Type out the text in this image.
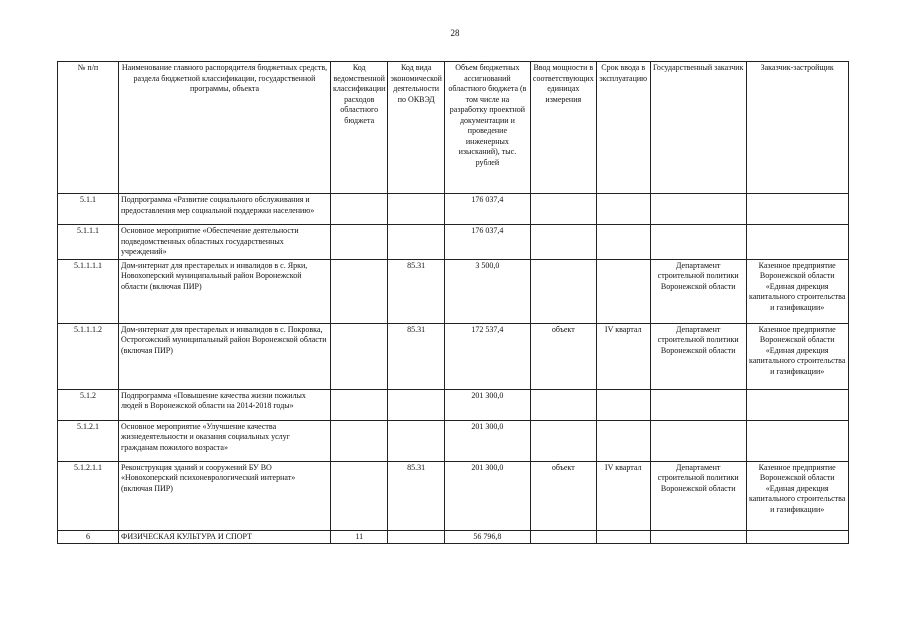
28
№ п/п	Наименование главного распорядителя бюджетных средств, раздела бюджетной классификации, государственной программы, объекта	Код ведомственной классификации расходов областного бюджета	Код вида экономической деятельности по ОКВЭД	Объем бюджетных ассигнований областного бюджета (в том числе на разработку проектной документации и проведение инженерных изысканий), тыс. рублей	Ввод мощности в соответствующих единицах измерения	Срок ввода в эксплуатацию	Государственный заказчик	Заказчик-застройщик
5.1.1	Подпрограмма «Развитие социального обслуживания и предоставления мер социальной поддержки населению»			176 037,4				
5.1.1.1	Основное мероприятие «Обеспечение деятельности подведомственных областных государственных учреждений»			176 037,4				
5.1.1.1.1	Дом-интернат для престарелых и инвалидов в с. Ярки, Новохоперский муниципальный район Воронежской области (включая ПИР)		85.31	3 500,0			Департамент строительной политики Воронежской области	Казенное предприятие Воронежской области «Единая дирекция капитального строительства и газификации»
5.1.1.1.2	Дом-интернат для престарелых и инвалидов в с. Покровка, Острогожский муниципальный район Воронежской области (включая ПИР)		85.31	172 537,4	объект	IV квартал	Департамент строительной политики Воронежской области	Казенное предприятие Воронежской области «Единая дирекция капитального строительства и газификации»
5.1.2	Подпрограмма «Повышение качества жизни пожилых людей в Воронежской области на 2014-2018 годы»			201 300,0				
5.1.2.1	Основное мероприятие «Улучшение качества жизнедеятельности и оказания социальных услуг гражданам пожилого возраста»			201 300,0				
5.1.2.1.1	Реконструкция зданий и сооружений БУ ВО «Новохоперский психоневрологический интернат» (включая ПИР)		85.31	201 300,0	объект	IV квартал	Департамент строительной политики Воронежской области	Казенное предприятие Воронежской области «Единая дирекция капитального строительства и газификации»
6	ФИЗИЧЕСКАЯ КУЛЬТУРА И СПОРТ	11		56 796,8				
